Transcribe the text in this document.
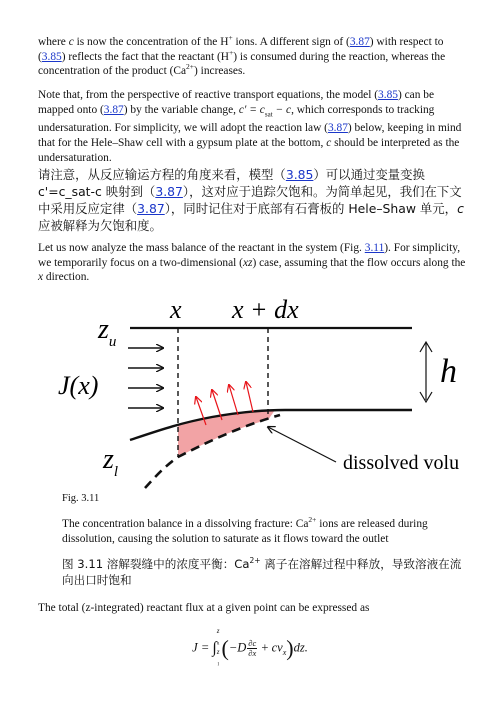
where c is now the concentration of the H+ ions. A different sign of (3.87) with respect to (3.85) reflects the fact that the reactant (H+) is consumed during the reaction, whereas the concentration of the product $(Ca^{2+})$ increases.

Note that, from the perspective of reactive transport equations, the model (3.85) can be mapped onto (3.87) by the variable change, $c' = c_{sat} - c$, which corresponds to tracking undersaturation. For simplicity, we will adopt the reaction law (3.87) below, keeping in mind that for the Hele–Shaw cell with a gypsum plate at the bottom, c should be interpreted as the undersaturation.

请注意，从反应输运方程的角度来看，模型（3.85）可以通过变量变换 c'=c_sat-c 映射到（3.87），这对应于追踪欠饱和。为简单起见，我们在下文中采用反应定律（3.87），同时记住对于底部有石膏板的 Hele–Shaw 单元，c 应被解释为欠饱和度。

Let us now analyze the mass balance of the reactant in the system (Fig. 3.11). For simplicity, we temporarily focus on a two-dimensional (xz) case, assuming that the flow occurs along the x direction.

x x + dx
$z_u$
J(x)	h
$z_l$	dissolved volu

Fig. 3.11

The concentration balance in a dissolving fracture: $Ca^{2+}$ ions are released during dissolution, causing the solution to saturate as it flows toward the outlet

图 3.11 溶解裂缝中的浓度平衡：$Ca^{2+}$ 离子在溶解过程中释放，导致溶液在流向出口时饱和

The total (z-integrated) reactant flux at a given point can be expressed as

J = ∫
z
$_u$
z
$_l$
$(-D \frac{\partial c}{\partial x} + cv_x)dz$.
